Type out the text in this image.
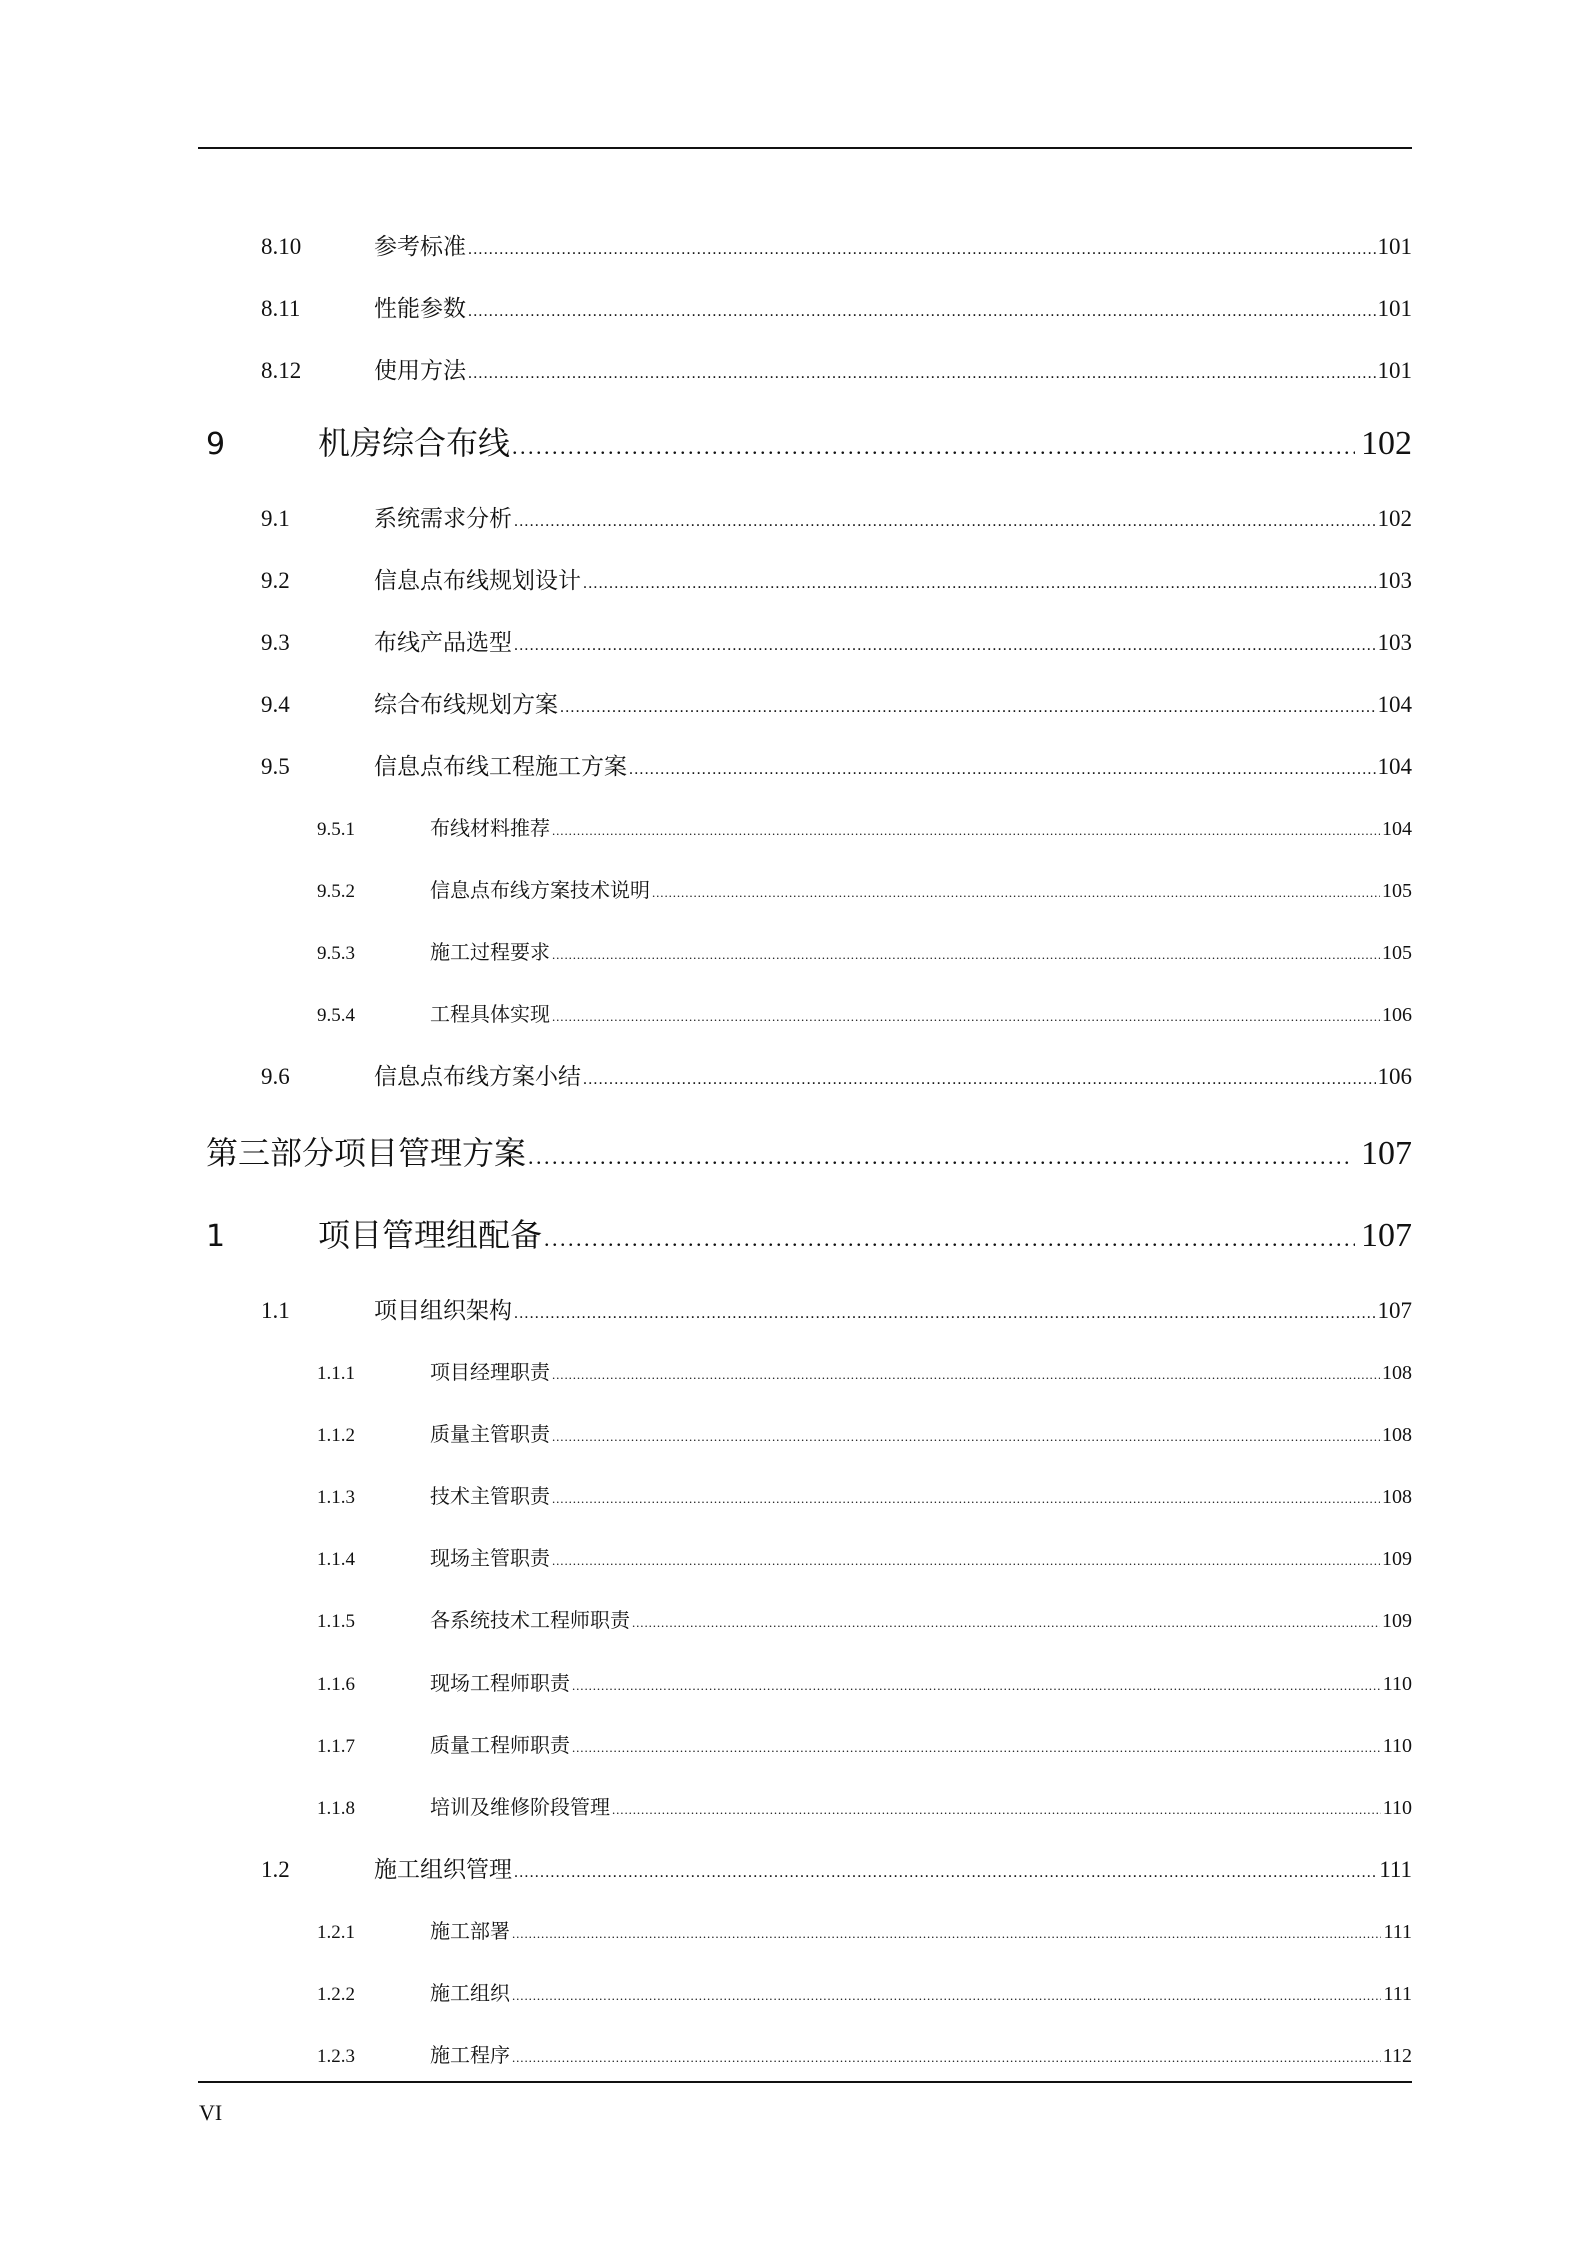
8.10	参考标准 .....	101
8.11	性能参数 .....	101
8.12	使用方法 .....	101
9	机房综合布线 .....	102
9.1	系统需求分析 .....	102
9.2	信息点布线规划设计 .....	103
9.3	布线产品选型 .....	103
9.4	综合布线规划方案 .....	104
9.5	信息点布线工程施工方案 .....	104
9.5.1	布线材料推荐 .....	104
9.5.2	信息点布线方案技术说明 .....	105
9.5.3	施工过程要求 .....	105
9.5.4	工程具体实现 .....	106
9.6	信息点布线方案小结 .....	106
第三部分项目管理方案 .....	107
1	项目管理组配备 .....	107
1.1	项目组织架构 .....	107
1.1.1	项目经理职责 .....	108
1.1.2	质量主管职责 .....	108
1.1.3	技术主管职责 .....	108
1.1.4	现场主管职责 .....	109
1.1.5	各系统技术工程师职责 .....	109
1.1.6	现场工程师职责 .....	110
1.1.7	质量工程师职责 .....	110
1.1.8	培训及维修阶段管理 .....	110
1.2	施工组织管理 .....	111
1.2.1	施工部署 .....	111
1.2.2	施工组织 .....	111
1.2.3	施工程序 .....	112
VI
